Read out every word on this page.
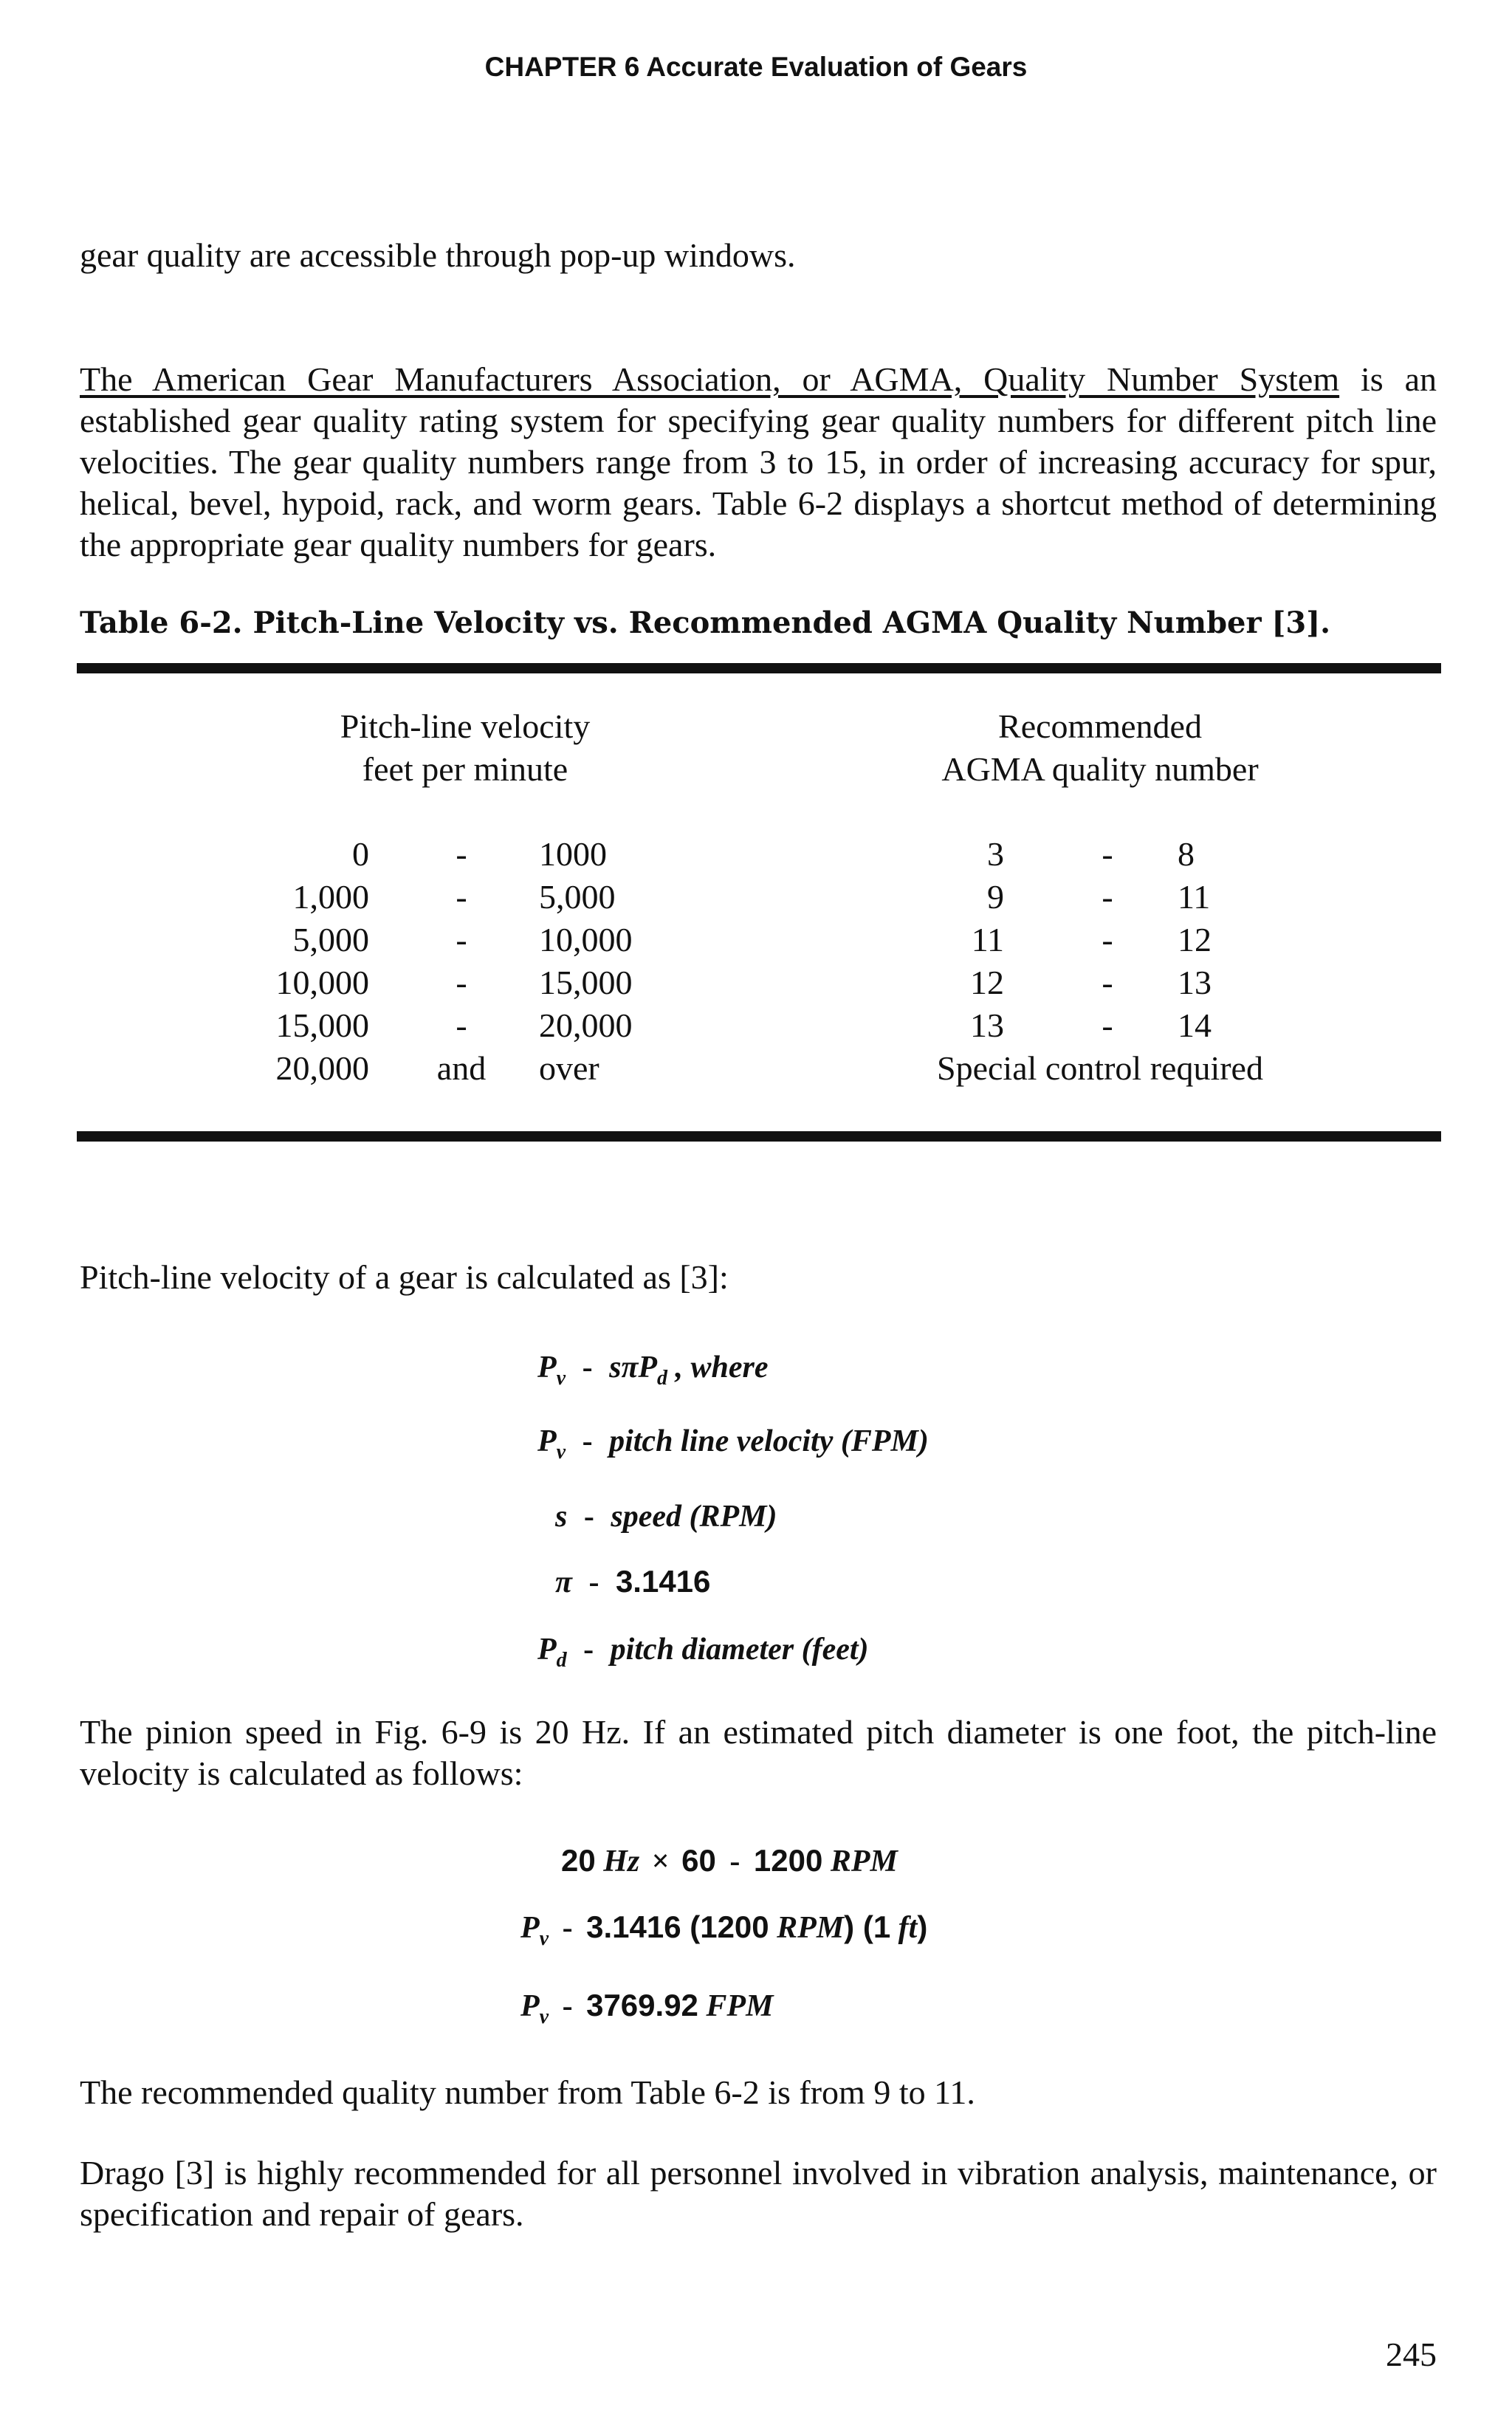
CHAPTER 6 Accurate Evaluation of Gears
gear quality are accessible through pop-up windows.
The American Gear Manufacturers Association, or AGMA, Quality Number System is an established gear quality rating system for specifying gear quality numbers for different pitch line velocities. The gear quality numbers range from 3 to 15, in order of increasing accuracy for spur, helical, bevel, hypoid, rack, and worm gears. Table 6-2 displays a shortcut method of determining the appropriate gear quality numbers for gears.
Table 6-2. Pitch-Line Velocity vs. Recommended AGMA Quality Number [3].
Pitch-line velocity
feet per minute
Recommended
AGMA quality number
0	-	1000	3	-	8
1,000	-	5,000	9	-	11
5,000	-	10,000	11	-	12
10,000	-	15,000	12	-	13
15,000	-	20,000	13	-	14
20,000 and over	Special control required
Pitch-line velocity of a gear is calculated as [3]:
$P_v - s\pi P_d$ , where
$P_v$ - pitch line velocity (FPM)
s - speed (RPM)
π - 3.1416
$P_d$ - pitch diameter (feet)
The pinion speed in Fig. 6-9 is 20 Hz. If an estimated pitch diameter is one foot, the pitch-line velocity is calculated as follows:
20 Hz × 60 - 1200 RPM
$P_v - 3.1416$ (1200 RPM) (1 ft)
$P_v - 3769.92$ FPM
The recommended quality number from Table 6-2 is from 9 to 11.
Drago [3] is highly recommended for all personnel involved in vibration analysis, maintenance, or specification and repair of gears.
245
